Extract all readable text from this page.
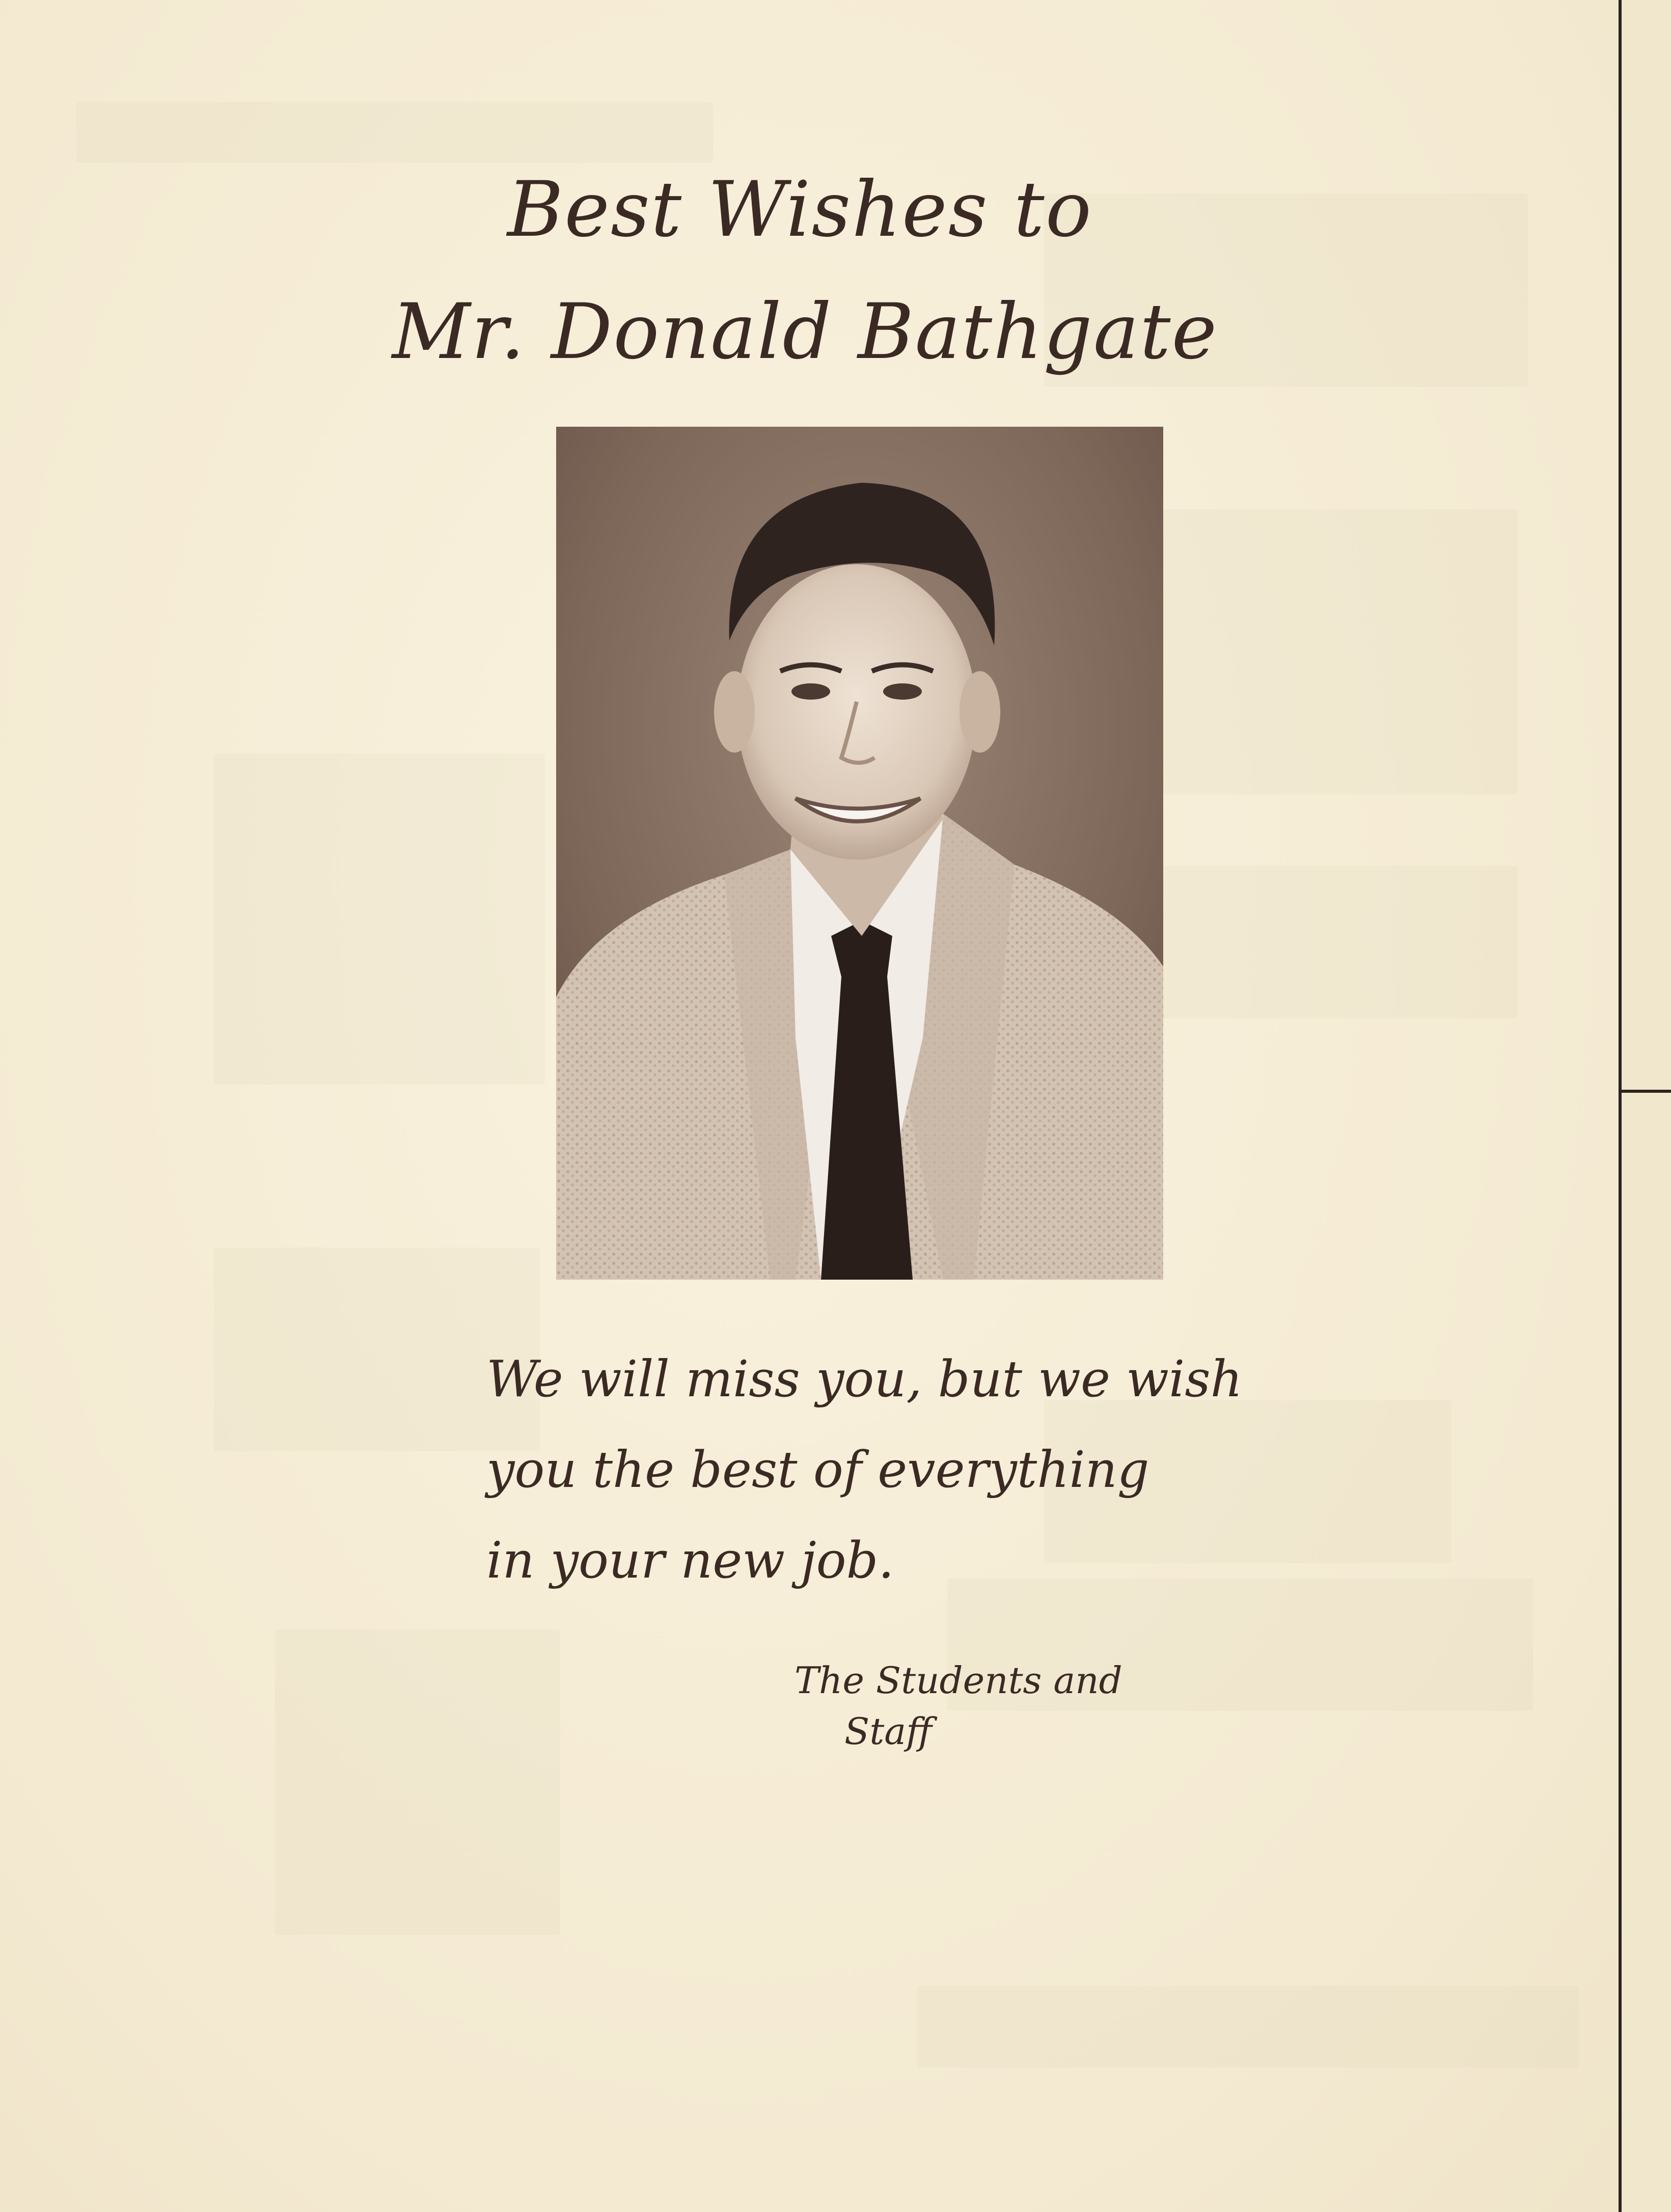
Best Wishes to
Mr. Donald Bathgate
We will miss you, but we wish
you the best of everything
in your new job.
The Students and
Staff
